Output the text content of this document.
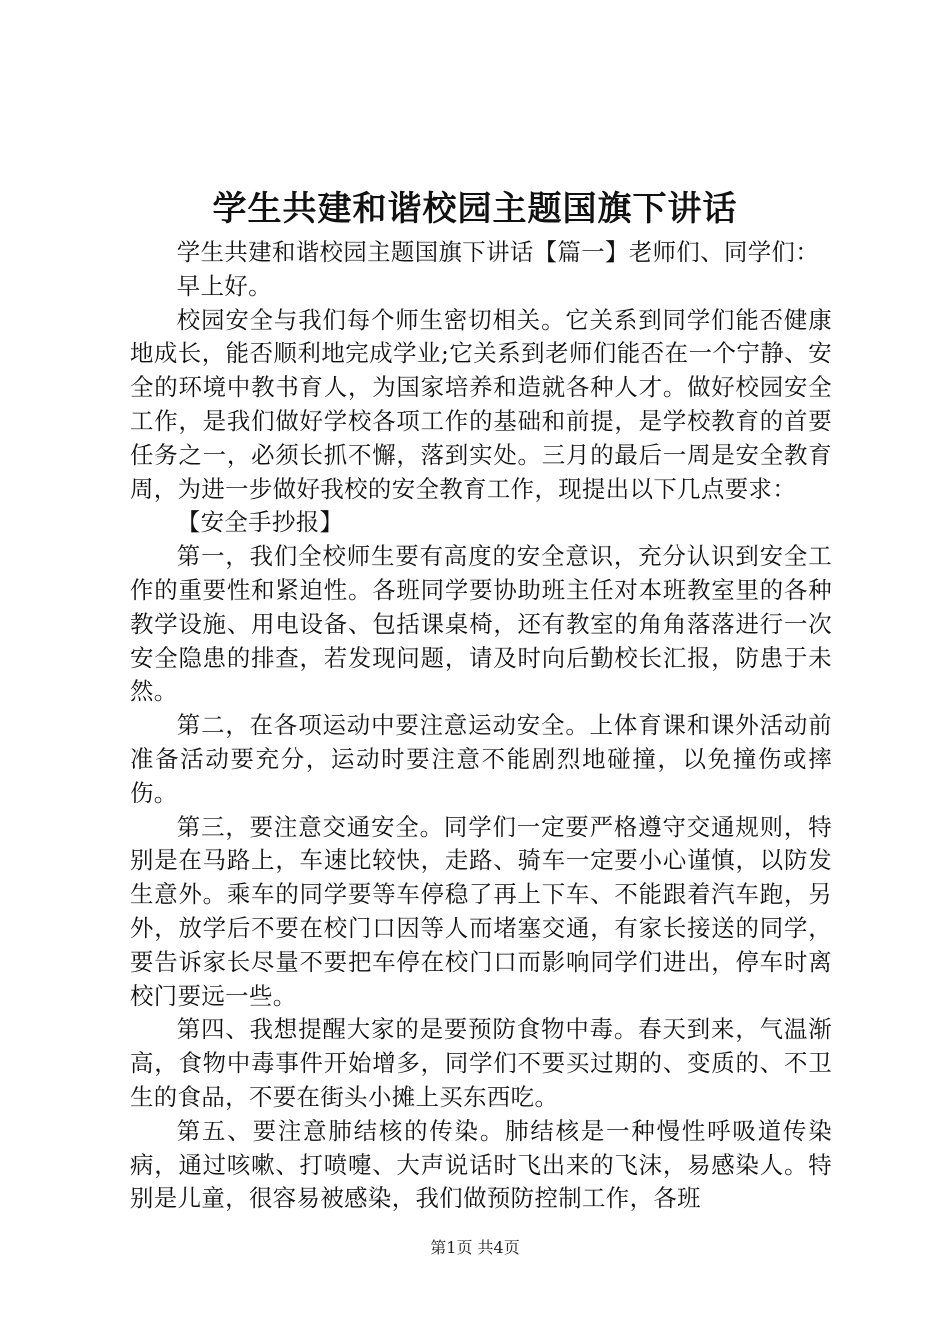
学生共建和谐校园主题国旗下讲话

学生共建和谐校园主题国旗下讲话【篇一】老师们、同学们：

早上好。

校园安全与我们每个师生密切相关。它关系到同学们能否健康地成长，能否顺利地完成学业;它关系到老师们能否在一个宁静、安全的环境中教书育人，为国家培养和造就各种人才。做好校园安全工作，是我们做好学校各项工作的基础和前提，是学校教育的首要任务之一，必须长抓不懈，落到实处。三月的最后一周是安全教育周，为进一步做好我校的安全教育工作，现提出以下几点要求：

【安全手抄报】

第一，我们全校师生要有高度的安全意识，充分认识到安全工作的重要性和紧迫性。各班同学要协助班主任对本班教室里的各种教学设施、用电设备、包括课桌椅，还有教室的角角落落进行一次安全隐患的排查，若发现问题，请及时向后勤校长汇报，防患于未然。

第二，在各项运动中要注意运动安全。上体育课和课外活动前准备活动要充分，运动时要注意不能剧烈地碰撞，以免撞伤或摔伤。

第三，要注意交通安全。同学们一定要严格遵守交通规则，特别是在马路上，车速比较快，走路、骑车一定要小心谨慎，以防发生意外。乘车的同学要等车停稳了再上下车、不能跟着汽车跑，另外，放学后不要在校门口因等人而堵塞交通，有家长接送的同学，要告诉家长尽量不要把车停在校门口而影响同学们进出，停车时离校门要远一些。

第四、我想提醒大家的是要预防食物中毒。春天到来，气温渐高，食物中毒事件开始增多，同学们不要买过期的、变质的、不卫生的食品，不要在街头小摊上买东西吃。

第五、要注意肺结核的传染。肺结核是一种慢性呼吸道传染病，通过咳嗽、打喷嚏、大声说话时飞出来的飞沫，易感染人。特别是儿童，很容易被感染，我们做预防控制工作，各班

第1页 共4页
